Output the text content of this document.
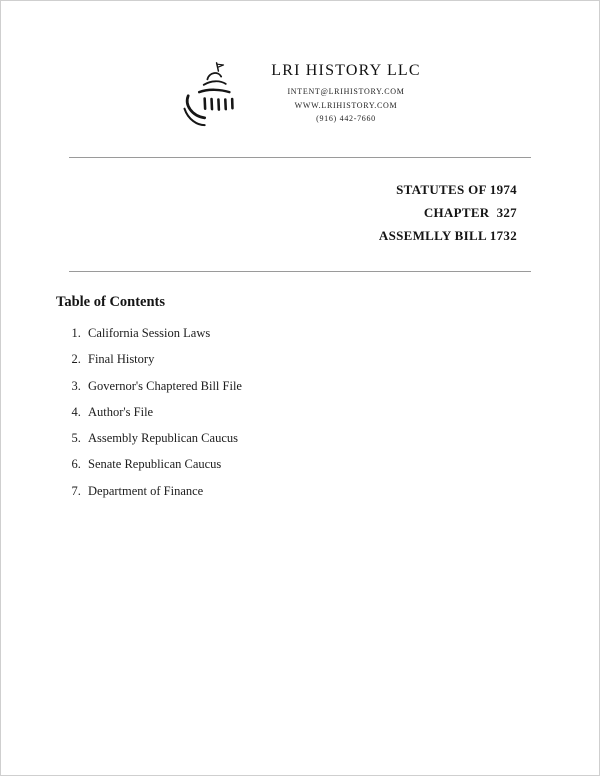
LRI HISTORY LLC
INTENT@LRIHISTORY.COM
WWW.LRIHISTORY.COM
(916) 442-7660
STATUTES OF 1974
CHAPTER  327
ASSEMLLY BILL 1732
Table of Contents
1. California Session Laws
2. Final History
3. Governor's Chaptered Bill File
4. Author's File
5. Assembly Republican Caucus
6. Senate Republican Caucus
7. Department of Finance
